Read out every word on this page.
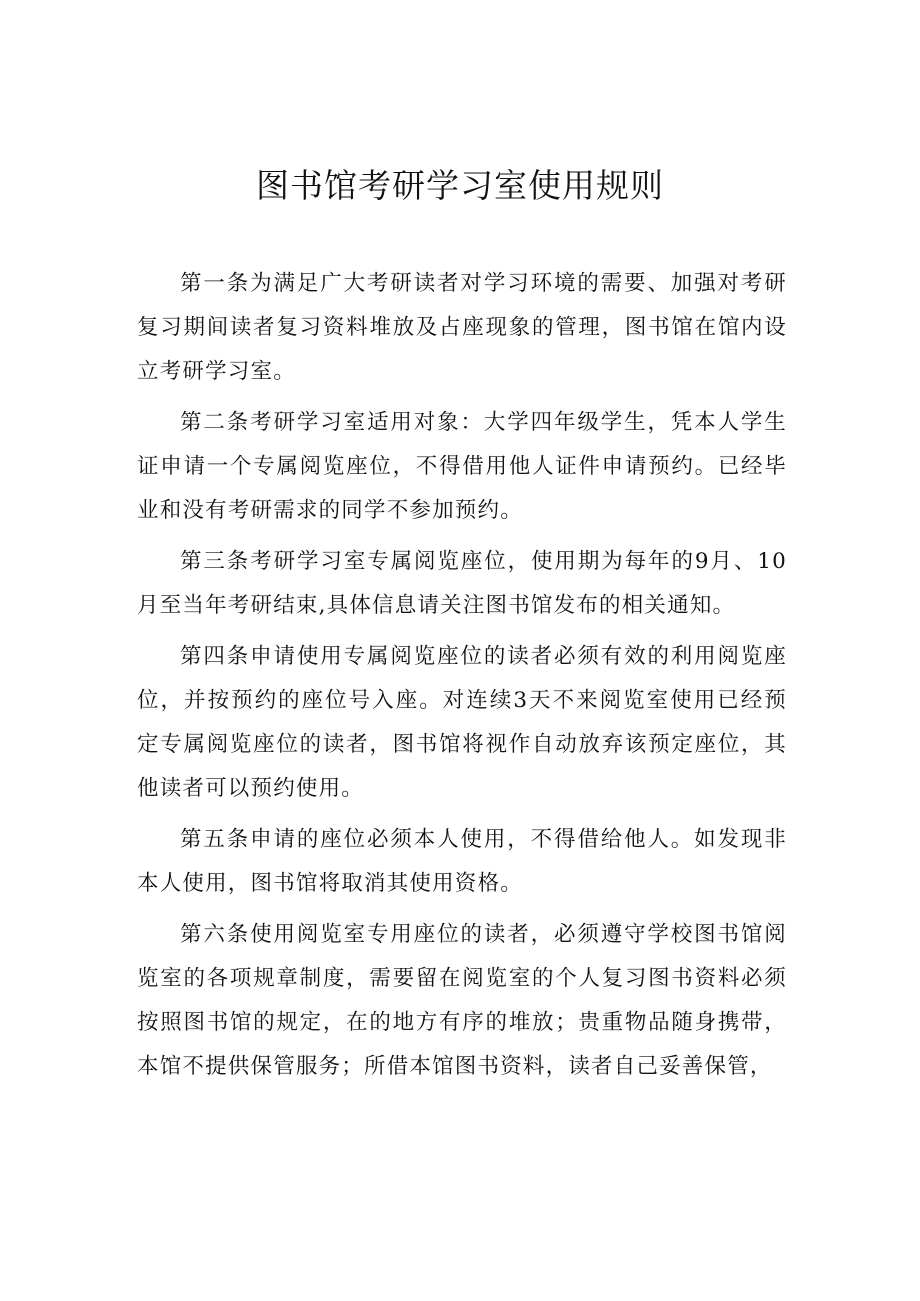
图书馆考研学习室使用规则

第一条为满足广大考研读者对学习环境的需要、加强对考研复习期间读者复习资料堆放及占座现象的管理，图书馆在馆内设立考研学习室。

第二条考研学习室适用对象：大学四年级学生，凭本人学生证申请一个专属阅览座位，不得借用他人证件申请预约。已经毕业和没有考研需求的同学不参加预约。

第三条考研学习室专属阅览座位，使用期为每年的9月、10月至当年考研结束,具体信息请关注图书馆发布的相关通知。

第四条申请使用专属阅览座位的读者必须有效的利用阅览座位，并按预约的座位号入座。对连续3天不来阅览室使用已经预定专属阅览座位的读者，图书馆将视作自动放弃该预定座位，其他读者可以预约使用。

第五条申请的座位必须本人使用，不得借给他人。如发现非本人使用，图书馆将取消其使用资格。

第六条使用阅览室专用座位的读者，必须遵守学校图书馆阅览室的各项规章制度，需要留在阅览室的个人复习图书资料必须按照图书馆的规定，在的地方有序的堆放；贵重物品随身携带，本馆不提供保管服务；所借本馆图书资料，读者自己妥善保管，
